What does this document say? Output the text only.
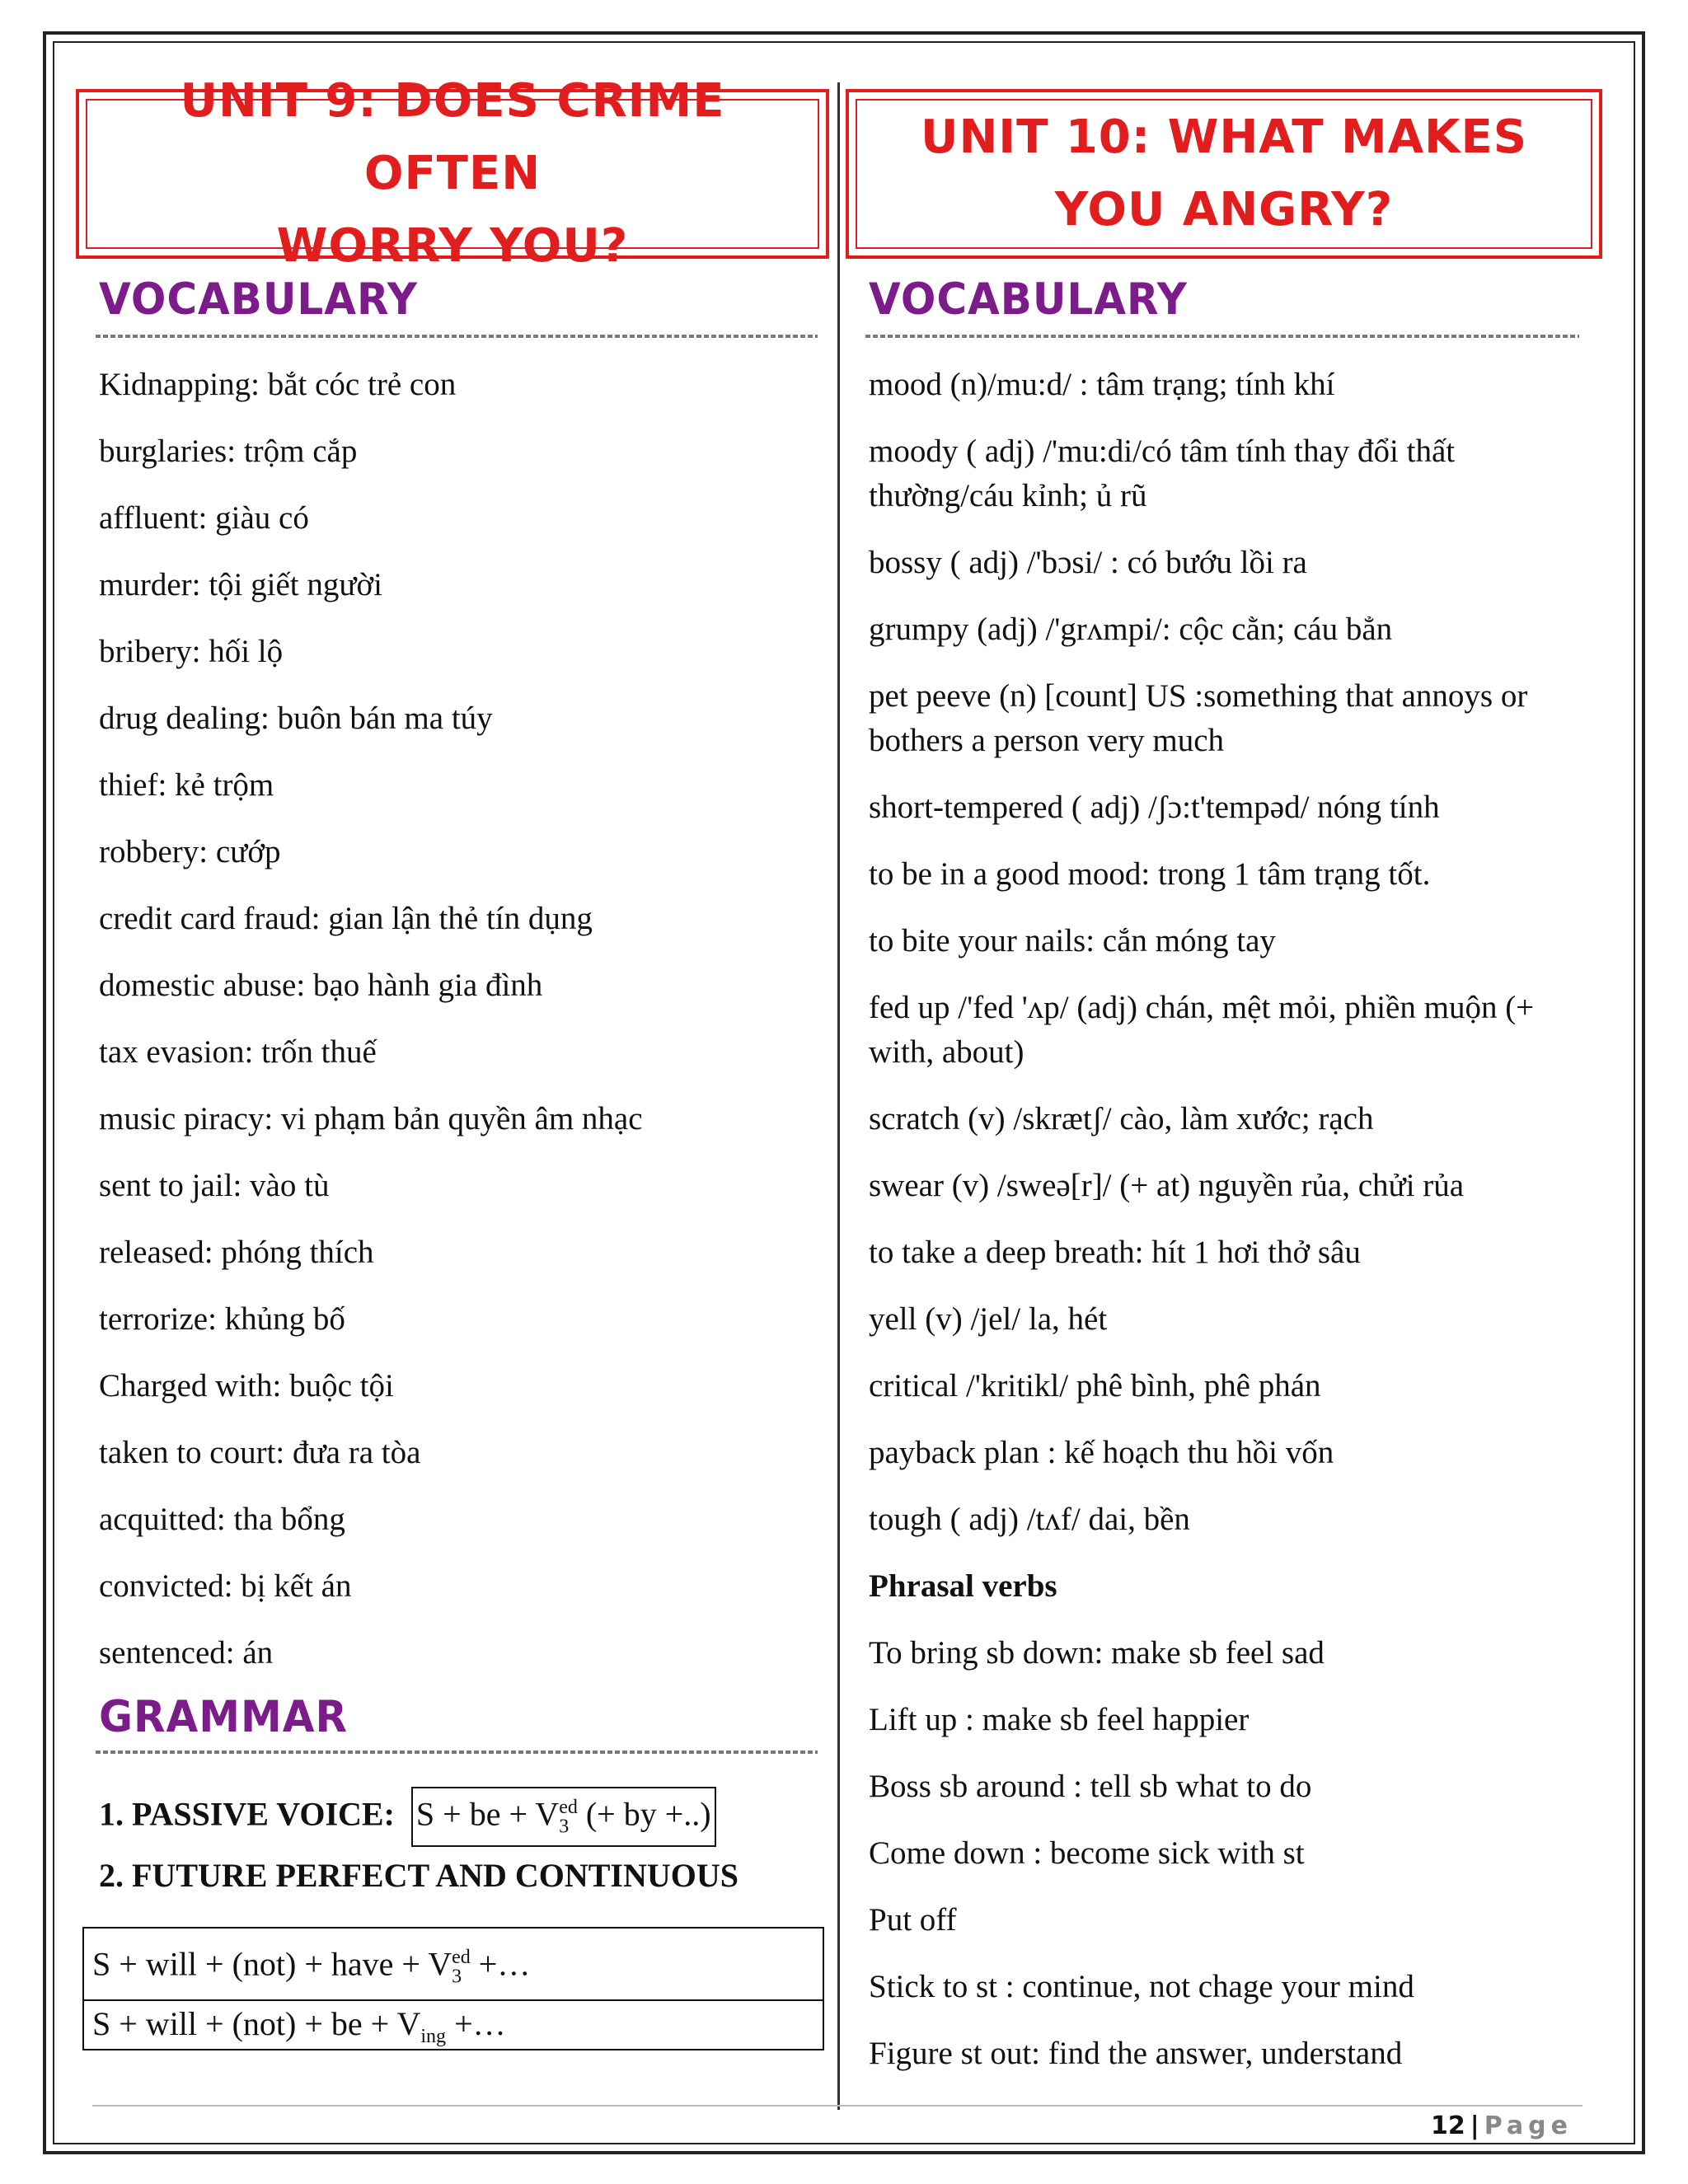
UNIT 9: DOES CRIME OFTEN
WORRY YOU?
VOCABULARY

Kidnapping: bắt cóc trẻ con

burglaries: trộm cắp

affluent: giàu có

murder: tội giết người

bribery: hối lộ

drug dealing: buôn bán ma túy

thief: kẻ trộm

robbery: cướp

credit card fraud: gian lận thẻ tín dụng

domestic abuse: bạo hành gia đình

tax evasion: trốn thuế

music piracy: vi phạm bản quyền âm nhạc

sent to jail: vào tù

released: phóng thích

terrorize: khủng bố

Charged with: buộc tội

taken to court: đưa ra tòa

acquitted: tha bổng

convicted: bị kết án

sentenced: án

GRAMMAR
1. PASSIVE VOICE: S + be + $V_3^{ed}$ (+ by +..)
2. FUTURE PERFECT AND CONTINUOUS
S + will + (not) + have + $V_3^{ed}$ +…
S + will + (not) + be + $V_{ing}$ +…
UNIT 10: WHAT MAKES
YOU ANGRY?
VOCABULARY

mood (n)/mu:d/ : tâm trạng; tính khí

moody ( adj) /'mu:di/có tâm tính thay đổi thất thường/cáu kỉnh; ủ rũ

bossy ( adj) /'bɔsi/ : có bướu lồi ra

grumpy (adj) /'grʌmpi/: cộc cằn; cáu bẳn

pet peeve (n) [count] US :something that annoys or bothers a person very much

short-tempered ( adj) /ʃɔ:t'tempəd/ nóng tính

to be in a good mood: trong 1 tâm trạng tốt.

to bite your nails: cắn móng tay

fed up /'fed 'ʌp/ (adj) chán, mệt mỏi, phiền muộn (+ with, about)

scratch (v) /skrætʃ/ cào, làm xước; rạch

swear (v) /sweə[r]/ (+ at) nguyền rủa, chửi rủa

to take a deep breath: hít 1 hơi thở sâu

yell (v) /jel/ la, hét

critical /'kritikl/ phê bình, phê phán

payback plan : kế hoạch thu hồi vốn

tough ( adj) /tʌf/ dai, bền

Phrasal verbs

To bring sb down: make sb feel sad

Lift up : make sb feel happier

Boss sb around : tell sb what to do

Come down : become sick with st

Put off

Stick to st : continue, not chage your mind

Figure st out: find the answer, understand

12 | Page
